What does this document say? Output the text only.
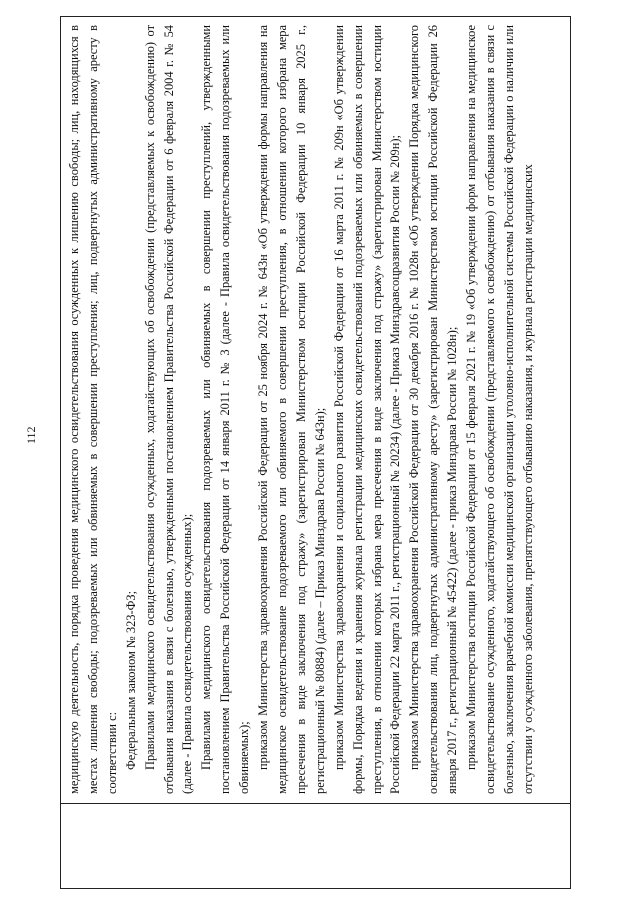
112 медицинскую деятельность, порядка проведения медицинского освидетельствования осужденных к лишению свободы; лиц, находящихся в местах лишения свободы; подозреваемых или обвиняемых в совершении преступления; лиц, подвергнутых административному аресту в соответствии с: Федеральным законом № 323-ФЗ; Правилами медицинского освидетельствования осужденных, ходатайствующих об освобождении (представляемых к освобождению) от отбывания наказания в связи с болезнью, утвержденными постановлением Правительства Российской Федерации от 6 февраля 2004 г. № 54 (далее - Правила освидетельствования осужденных); Правилами медицинского освидетельствования подозреваемых или обвиняемых в совершении преступлений, утвержденными постановлением Правительства Российской Федерации от 14 января 2011 г. № 3 (далее - Правила освидетельствования подозреваемых или обвиняемых); приказом Министерства здравоохранения Российской Федерации от 25 ноября 2024 г. № 643н «Об утверждении формы направления на медицинское освидетельствование подозреваемого или обвиняемого в совершении преступления, в отношении которого избрана мера пресечения в виде заключения под стражу» (зарегистрирован Министерством юстиции Российской Федерации 10 января 2025 г., регистрационный № 80884) (далее – Приказ Минздрава России № 643н); приказом Министерства здравоохранения и социального развития Российской Федерации от 16 марта 2011 г. № 209н «Об утверждении формы, Порядка ведения и хранения журнала регистрации медицинских освидетельствований подозреваемых или обвиняемых в совершении преступления, в отношении которых избрана мера пресечения в виде заключения под стражу» (зарегистрирован Министерством юстиции Российской Федерации 22 марта 2011 г., регистрационный № 20234) (далее - Приказ Минздравсоцразвития России № 209н); приказом Министерства здравоохранения Российской Федерации от 30 декабря 2016 г. № 1028н «Об утверждении Порядка медицинского освидетельствования лиц, подвергнутых административному аресту» (зарегистрирован Министерством юстиции Российской Федерации 26 января 2017 г., регистрационный № 45422) (далее - приказ Минздрава России № 1028н); приказом Министерства юстиции Российской Федерации от 15 февраля 2021 г. № 19 «Об утверждении форм направления на медицинское освидетельствование осужденного, ходатайствующего об освобождении (представляемого к освобождению) от отбывания наказания в связи с болезнью, заключения врачебной комиссии медицинской организации уголовно-исполнительной системы Российской Федерации о наличии или отсутствии у осужденного заболевания, препятствующего отбыванию наказания, и журнала регистрации медицинских
